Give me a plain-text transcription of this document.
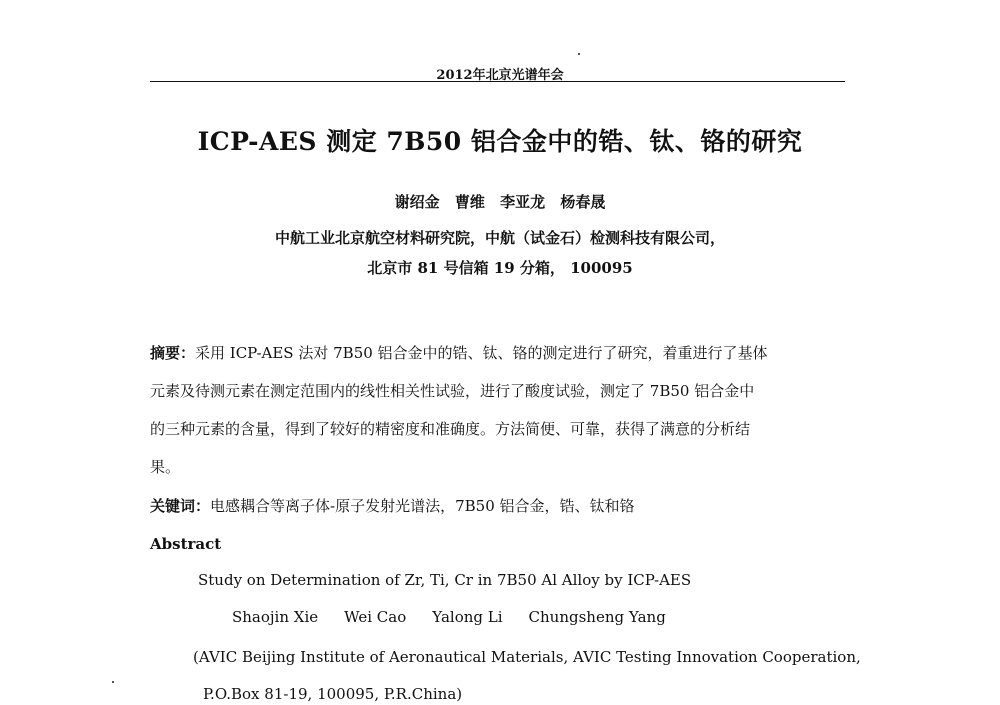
2012年北京光谱年会
ICP-AES 测定 7B50 铝合金中的锆、钛、铬的研究
谢绍金 曹维 李亚龙 杨春晟
中航工业北京航空材料研究院，中航（试金石）检测科技有限公司，
北京市 81 号信箱 19 分箱， 100095
摘要：采用 ICP-AES 法对 7B50 铝合金中的锆、钛、铬的测定进行了研究，着重进行了基体
元素及待测元素在测定范围内的线性相关性试验，进行了酸度试验，测定了 7B50 铝合金中
的三种元素的含量，得到了较好的精密度和准确度。方法简便、可靠，获得了满意的分析结
果。
关键词：电感耦合等离子体-原子发射光谱法，7B50 铝合金，锆、钛和铬
Abstract
Study on Determination of Zr, Ti, Cr in 7B50 Al Alloy by ICP-AES
Shaojin Xie Wei Cao Yalong Li Chungsheng Yang
(AVIC Beijing Institute of Aeronautical Materials, AVIC Testing Innovation Cooperation,
P.O.Box 81-19, 100095, P.R.China)
